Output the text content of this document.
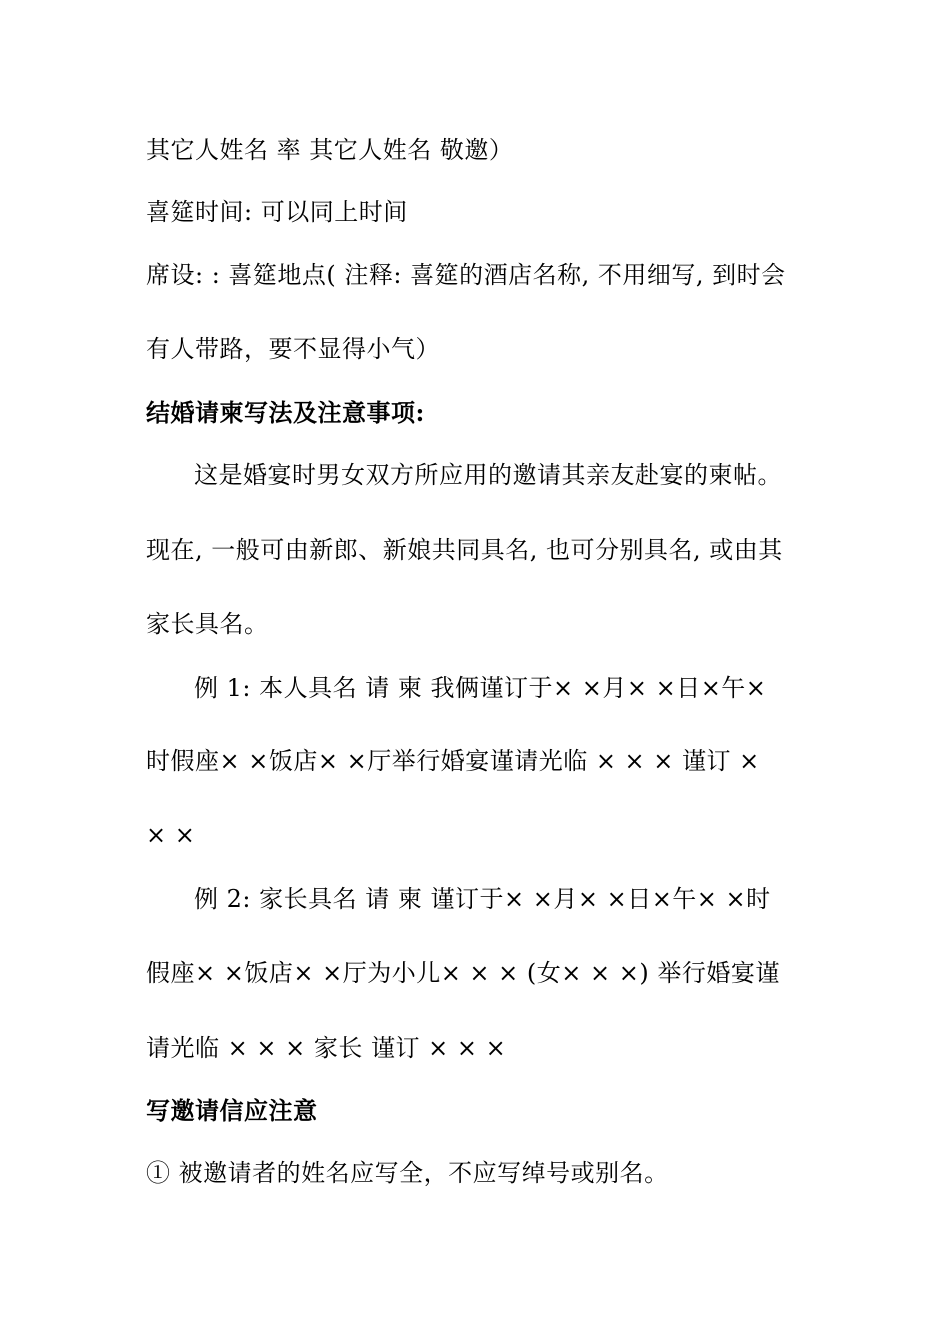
其它人姓名 率 其它人姓名 敬邀）
喜筵时间: 可以同上时间
席设: : 喜筵地点( 注释: 喜筵的酒店名称, 不用细写, 到时会
有人带路，要不显得小气）
结婚请柬写法及注意事项:
这是婚宴时男女双方所应用的邀请其亲友赴宴的柬帖。
现在, 一般可由新郎、新娘共同具名, 也可分别具名, 或由其
家长具名。
例 1: 本人具名 请 柬 我俩谨订于× ×月× ×日×午×
时假座× ×饭店× ×厅举行婚宴谨请光临 × × × 谨订 ×
× ×
例 2: 家长具名 请 柬 谨订于× ×月× ×日×午× ×时
假座× ×饭店× ×厅为小儿× × × (女× × ×) 举行婚宴谨
请光临 × × × 家长 谨订 × × ×
写邀请信应注意
① 被邀请者的姓名应写全，不应写绰号或别名。
